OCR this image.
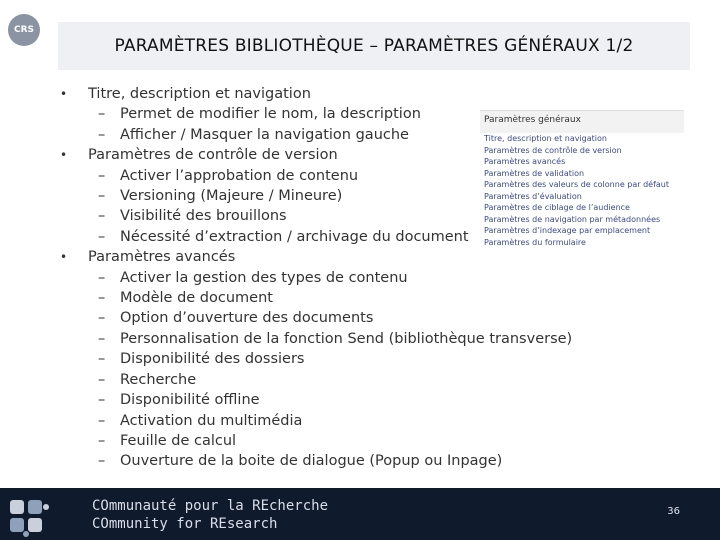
CRS
PARAMÈTRES BIBLIOTHÈQUE – PARAMÈTRES GÉNÉRAUX 1/2
• Titre, description et navigation
– Permet de modifier le nom, la description
– Afficher / Masquer la navigation gauche
• Paramètres de contrôle de version
– Activer l’approbation de contenu
– Versioning (Majeure / Mineure)
– Visibilité des brouillons
– Nécessité d’extraction / archivage du document
• Paramètres avancés
– Activer la gestion des types de contenu
– Modèle de document
– Option d’ouverture des documents
– Personnalisation de la fonction Send (bibliothèque transverse)
– Disponibilité des dossiers
– Recherche
– Disponibilité offline
– Activation du multimédia
– Feuille de calcul
– Ouverture de la boite de dialogue (Popup ou Inpage)
Paramètres généraux
Titre, description et navigation
Paramètres de contrôle de version
Paramètres avancés
Paramètres de validation
Paramètres des valeurs de colonne par défaut
Paramètres d’évaluation
Paramètres de ciblage de l’audience
Paramètres de navigation par métadonnées
Paramètres d’indexage par emplacement
Paramètres du formulaire
COmmunauté pour la REcherche
COmmunity for REsearch
36
